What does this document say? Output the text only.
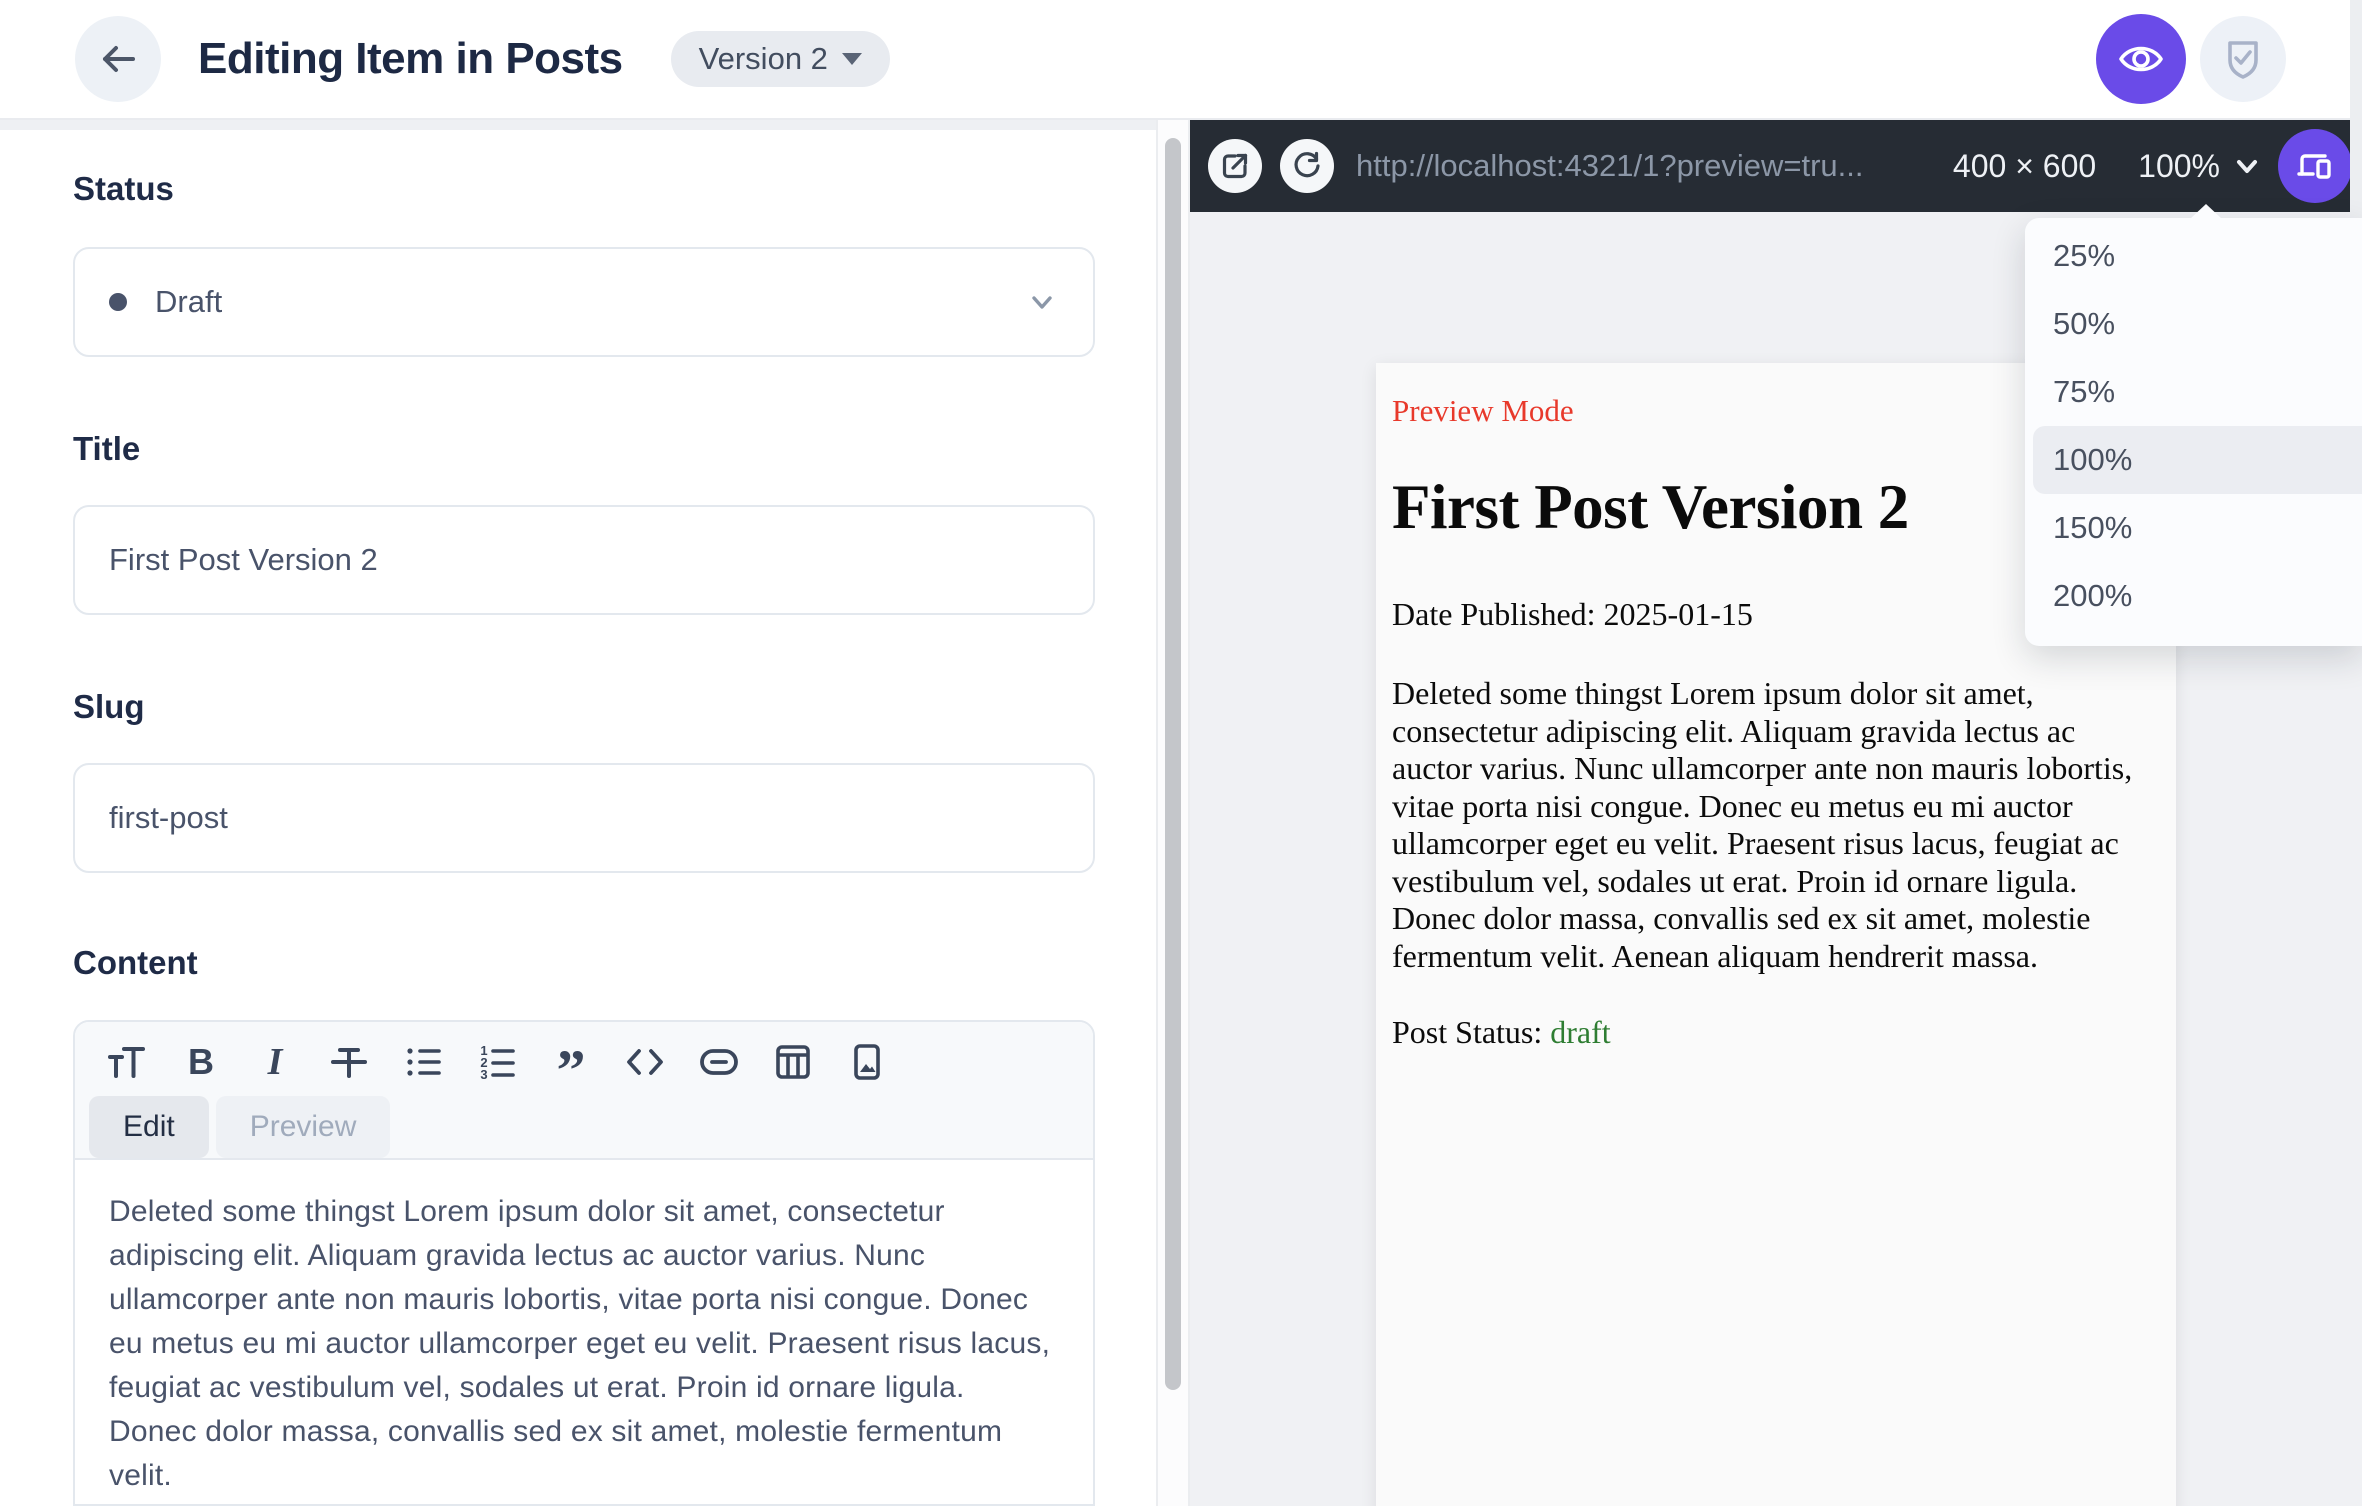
Editing Item in Posts Version 2
Status
Draft
Title
First Post Version 2
Slug
first-post
Content
B I	1
2
3 ”
Edit	Preview
Deleted some thingst Lorem ipsum dolor sit amet, consectetur adipiscing elit. Aliquam gravida lectus ac auctor varius. Nunc ullamcorper ante non mauris lobortis, vitae porta nisi congue. Donec eu metus eu mi auctor ullamcorper eget eu velit. Praesent risus lacus, feugiat ac vestibulum vel, sodales ut erat. Proin id ornare ligula. Donec dolor massa, convallis sed ex sit amet, molestie fermentum velit.
http://localhost:4321/1?preview=tru...	400 × 600 100%

Preview Mode

First Post Version 2

Date Published: 2025-01-15

Deleted some thingst Lorem ipsum dolor sit amet, consectetur adipiscing elit. Aliquam gravida lectus ac auctor varius. Nunc ullamcorper ante non mauris lobortis, vitae porta nisi congue. Donec eu metus eu mi auctor ullamcorper eget eu velit. Praesent risus lacus, feugiat ac vestibulum vel, sodales ut erat. Proin id ornare ligula. Donec dolor massa, convallis sed ex sit amet, molestie fermentum velit. Aenean aliquam hendrerit massa.

Post Status: draft

25%
50%
75%
100%
150%
200%
